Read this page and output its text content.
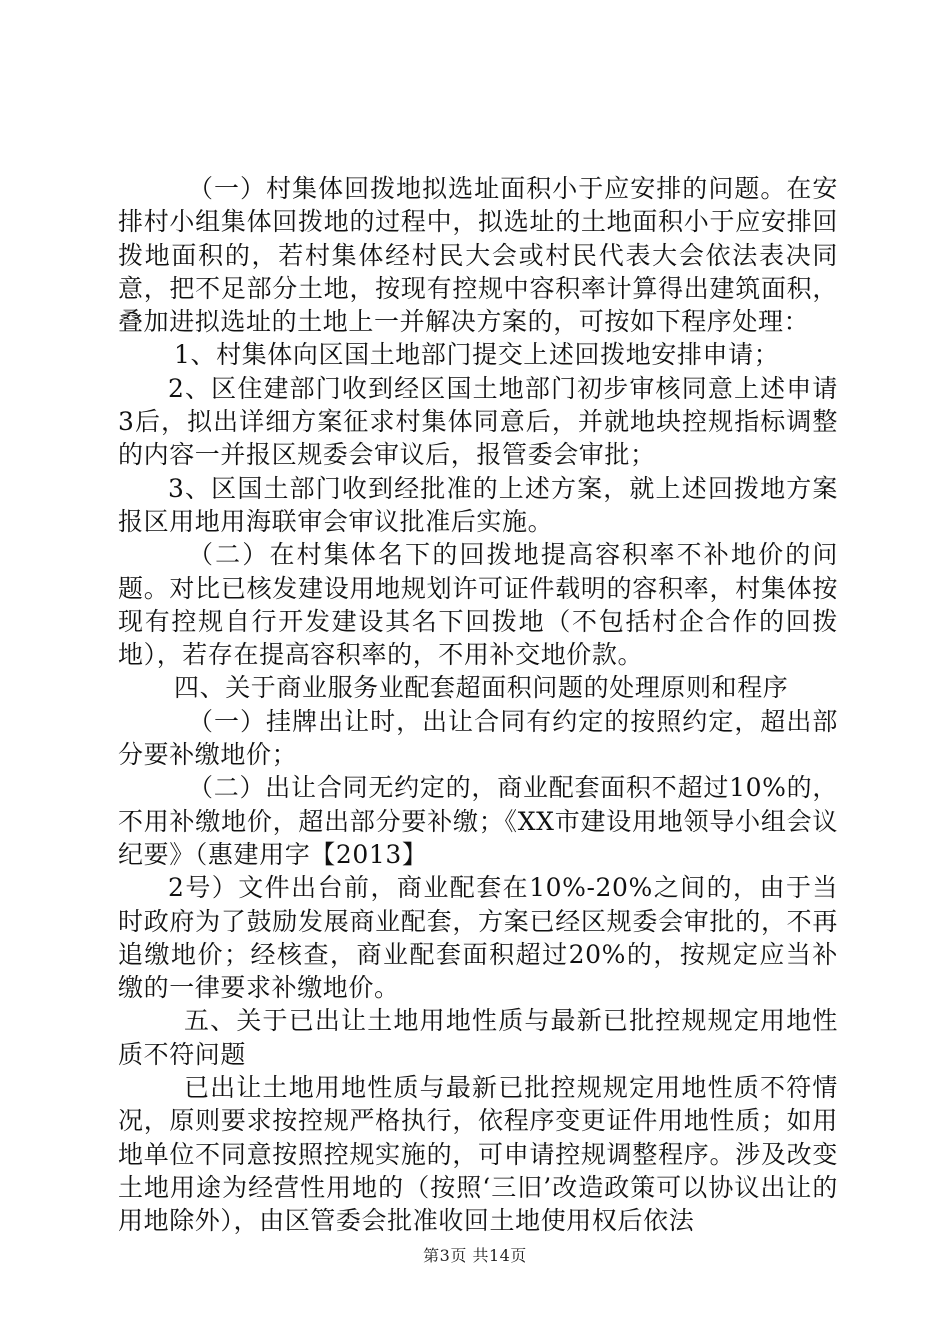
（一）村集体回拨地拟选址面积小于应安排的问题。在安排村小组集体回拨地的过程中，拟选址的土地面积小于应安排回拨地面积的，若村集体经村民大会或村民代表大会依法表决同意，把不足部分土地，按现有控规中容积率计算得出建筑面积，叠加进拟选址的土地上一并解决方案的，可按如下程序处理：

1、村集体向区国土地部门提交上述回拨地安排申请；

2、区住建部门收到经区国土地部门初步审核同意上述申请3后，拟出详细方案征求村集体同意后，并就地块控规指标调整的内容一并报区规委会审议后，报管委会审批；

3、区国土部门收到经批准的上述方案，就上述回拨地方案报区用地用海联审会审议批准后实施。

（二）在村集体名下的回拨地提高容积率不补地价的问题。对比已核发建设用地规划许可证件载明的容积率，村集体按现有控规自行开发建设其名下回拨地（不包括村企合作的回拨地），若存在提高容积率的，不用补交地价款。

四、关于商业服务业配套超面积问题的处理原则和程序

（一）挂牌出让时，出让合同有约定的按照约定，超出部分要补缴地价；

（二）出让合同无约定的，商业配套面积不超过10%的，不用补缴地价，超出部分要补缴；《XX市建设用地领导小组会议纪要》（惠建用字【2013】

2号）文件出台前，商业配套在10%-20%之间的，由于当时政府为了鼓励发展商业配套，方案已经区规委会审批的，不再追缴地价；经核查，商业配套面积超过20%的，按规定应当补缴的一律要求补缴地价。

五、关于已出让土地用地性质与最新已批控规规定用地性质不符问题

已出让土地用地性质与最新已批控规规定用地性质不符情况，原则要求按控规严格执行，依程序变更证件用地性质；如用地单位不同意按照控规实施的，可申请控规调整程序。涉及改变土地用途为经营性用地的（按照‘三旧’改造政策可以协议出让的用地除外），由区管委会批准收回土地使用权后依法

第3页 共14页
